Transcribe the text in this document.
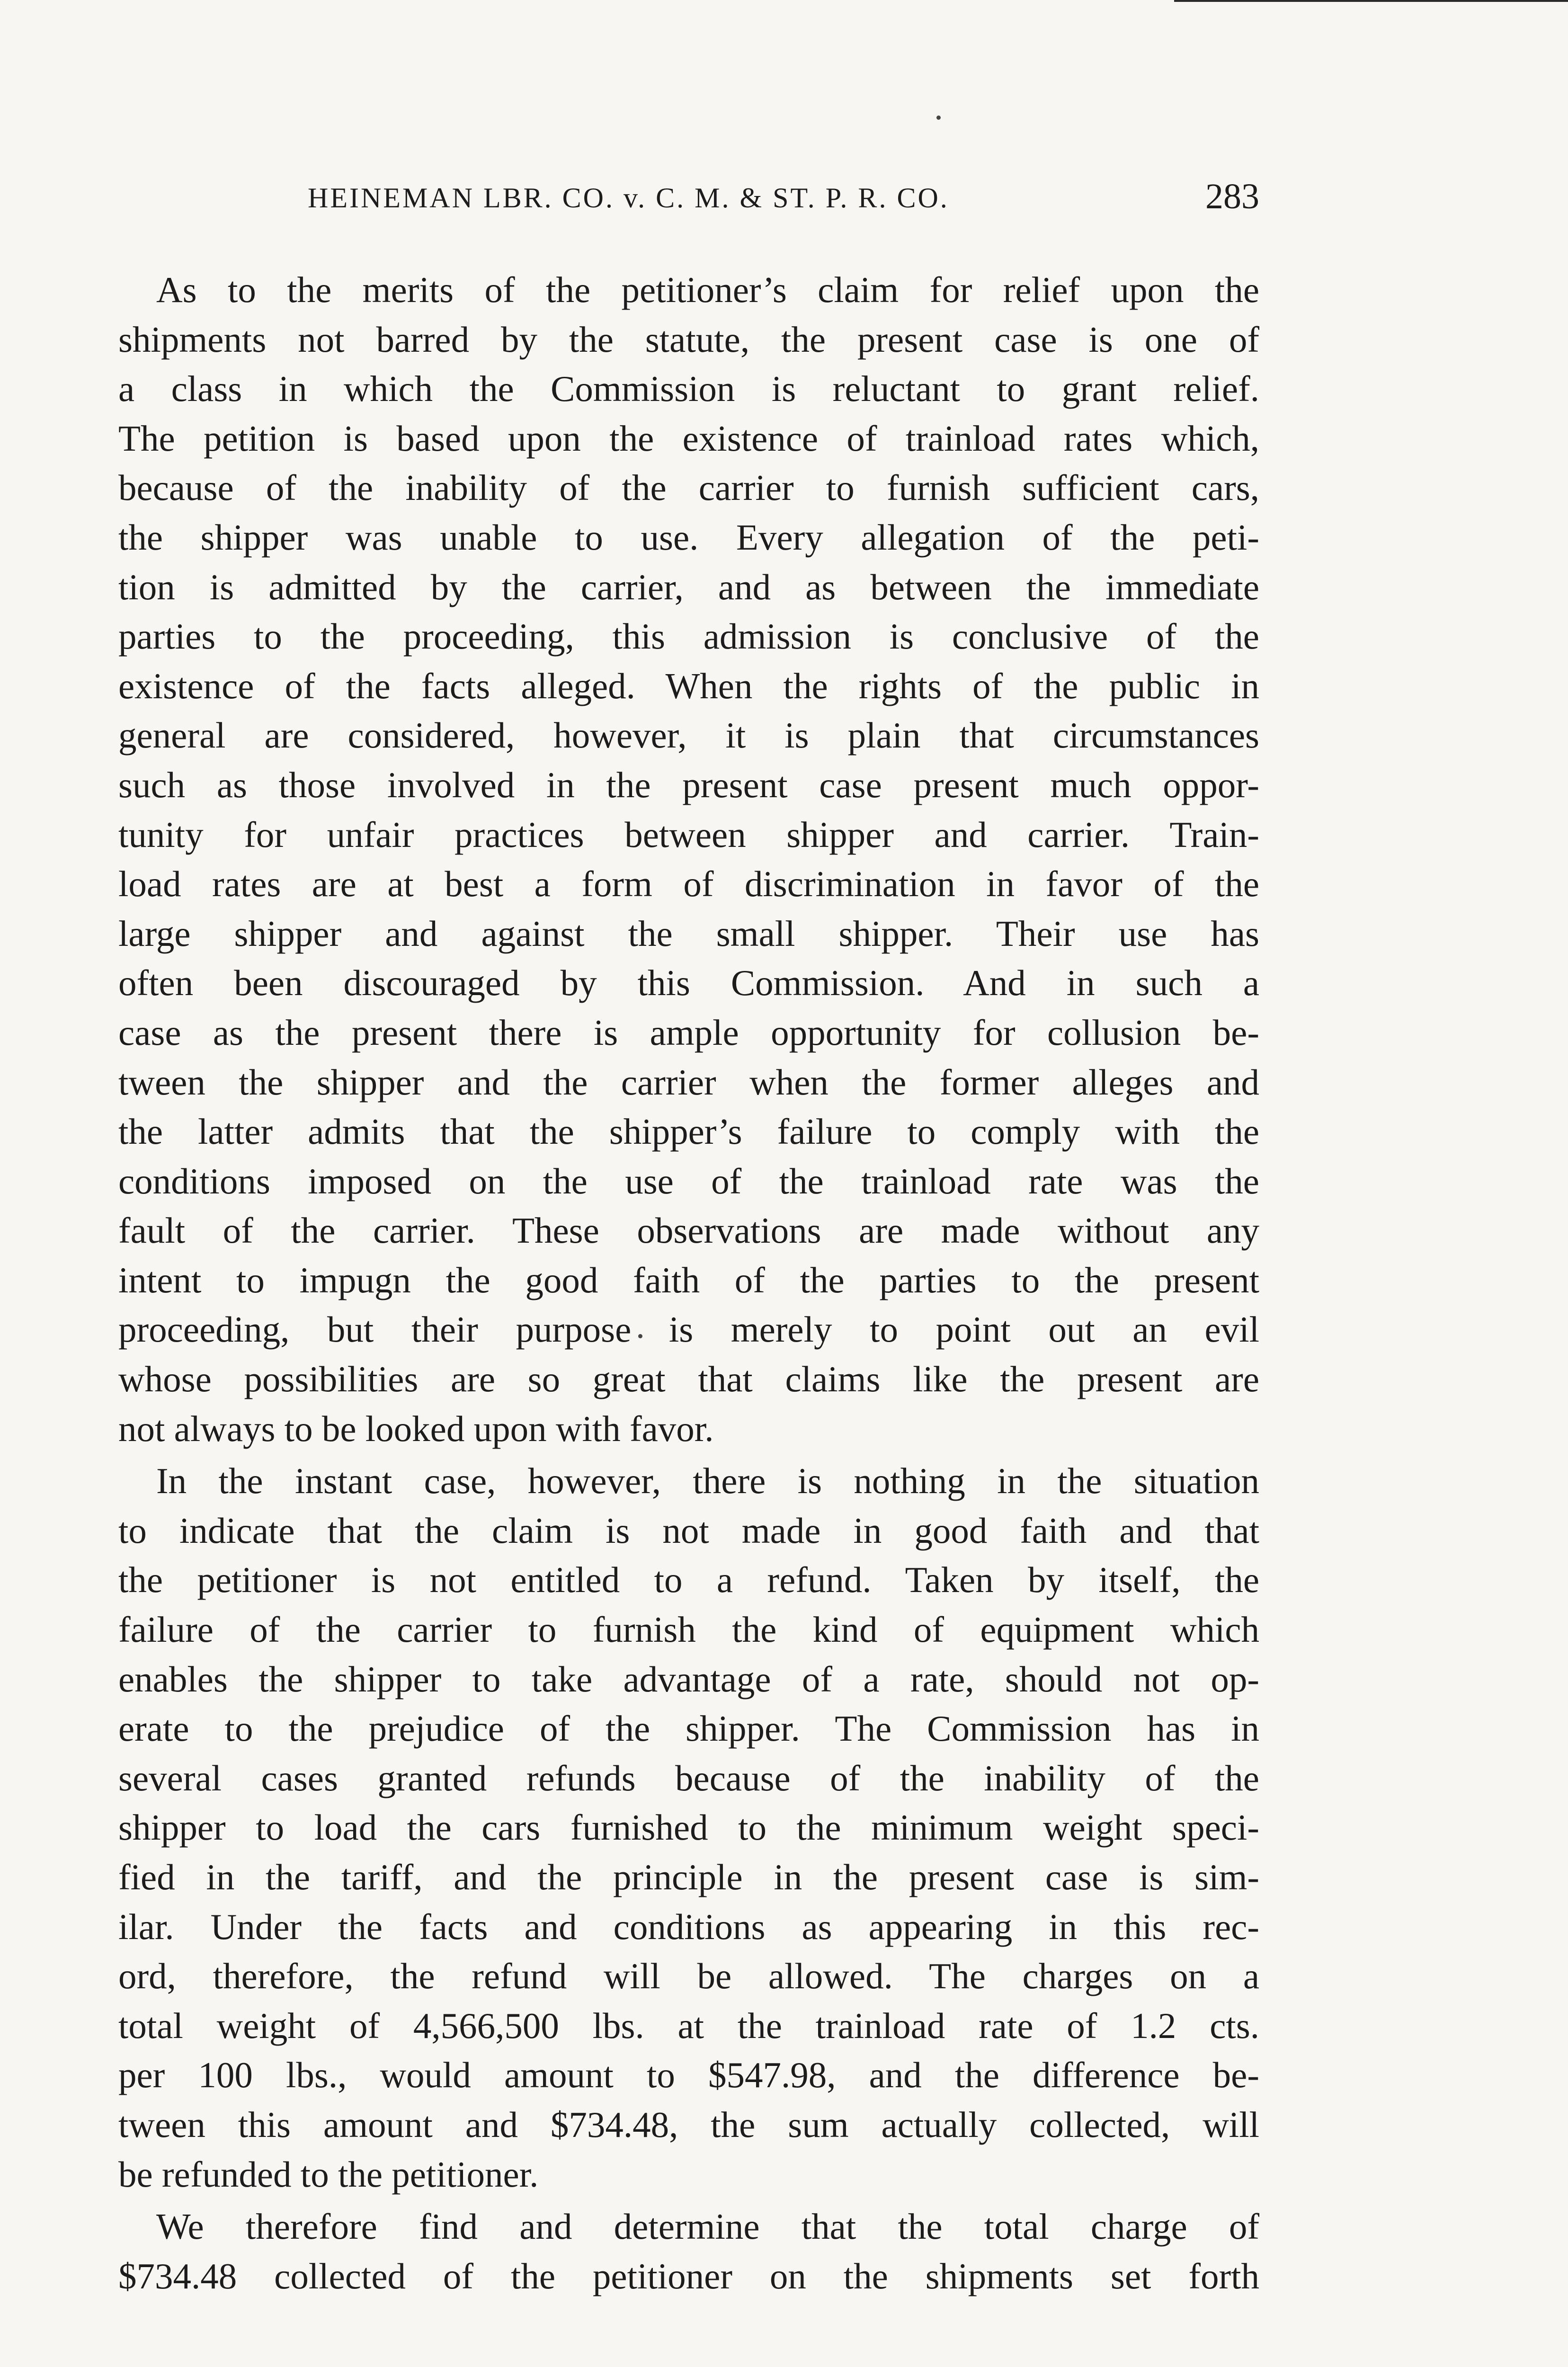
HEINEMAN LBR. CO. v. C. M. & ST. P. R. CO.	283
As to the merits of the petitioner’s claim for relief upon the
shipments not barred by the statute, the present case is one of
a class in which the Commission is reluctant to grant relief.
The petition is based upon the existence of trainload rates which,
because of the inability of the carrier to furnish sufficient cars,
the shipper was unable to use. Every allegation of the peti-
tion is admitted by the carrier, and as between the immediate
parties to the proceeding, this admission is conclusive of the
existence of the facts alleged. When the rights of the public in
general are considered, however, it is plain that circumstances
such as those involved in the present case present much oppor-
tunity for unfair practices between shipper and carrier. Train-
load rates are at best a form of discrimination in favor of the
large shipper and against the small shipper. Their use has
often been discouraged by this Commission. And in such a
case as the present there is ample opportunity for collusion be-
tween the shipper and the carrier when the former alleges and
the latter admits that the shipper’s failure to comply with the
conditions imposed on the use of the trainload rate was the
fault of the carrier. These observations are made without any
intent to impugn the good faith of the parties to the present
proceeding, but their purpose is merely to point out an evil
whose possibilities are so great that claims like the present are
not always to be looked upon with favor.
In the instant case, however, there is nothing in the situation
to indicate that the claim is not made in good faith and that
the petitioner is not entitled to a refund. Taken by itself, the
failure of the carrier to furnish the kind of equipment which
enables the shipper to take advantage of a rate, should not op-
erate to the prejudice of the shipper. The Commission has in
several cases granted refunds because of the inability of the
shipper to load the cars furnished to the minimum weight speci-
fied in the tariff, and the principle in the present case is sim-
ilar. Under the facts and conditions as appearing in this rec-
ord, therefore, the refund will be allowed. The charges on a
total weight of 4,566,500 lbs. at the trainload rate of 1.2 cts.
per 100 lbs., would amount to $547.98, and the difference be-
tween this amount and $734.48, the sum actually collected, will
be refunded to the petitioner.
We therefore find and determine that the total charge of
$734.48 collected of the petitioner on the shipments set forth
